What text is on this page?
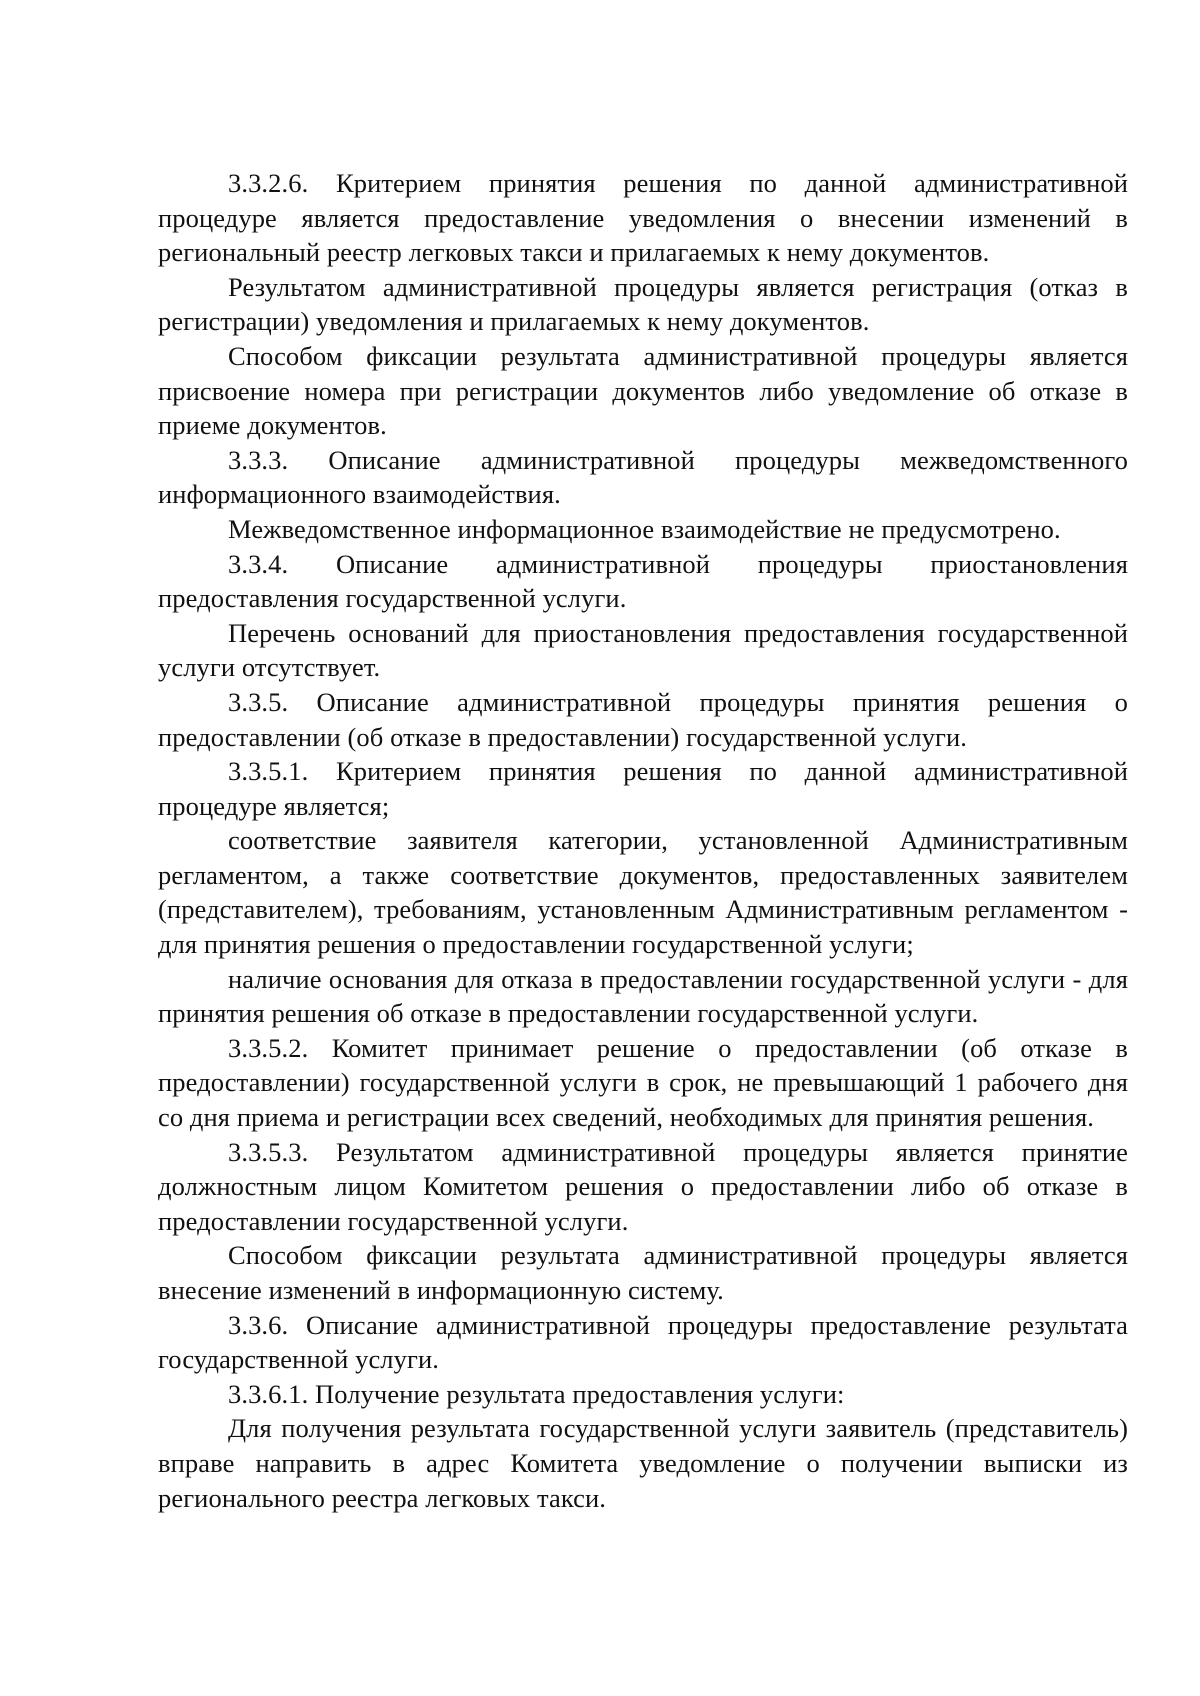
3.3.2.6. Критерием принятия решения по данной административной процедуре является предоставление уведомления о внесении изменений в региональный реестр легковых такси и прилагаемых к нему документов.

Результатом административной процедуры является регистрация (отказ в регистрации) уведомления и прилагаемых к нему документов.

Способом фиксации результата административной процедуры является присвоение номера при регистрации документов либо уведомление об отказе в приеме документов.

3.3.3. Описание административной процедуры межведомственного информационного взаимодействия.

Межведомственное информационное взаимодействие не предусмотрено.

3.3.4. Описание административной процедуры приостановления предоставления государственной услуги.

Перечень оснований для приостановления предоставления государственной услуги отсутствует.

3.3.5. Описание административной процедуры принятия решения о предоставлении (об отказе в предоставлении) государственной услуги.

3.3.5.1. Критерием принятия решения по данной административной процедуре является;

соответствие заявителя категории, установленной Административным регламентом, а также соответствие документов, предоставленных заявителем (представителем), требованиям, установленным Административным регламентом - для принятия решения о предоставлении государственной услуги;

наличие основания для отказа в предоставлении государственной услуги - для принятия решения об отказе в предоставлении государственной услуги.

3.3.5.2. Комитет принимает решение о предоставлении (об отказе в предоставлении) государственной услуги в срок, не превышающий 1 рабочего дня со дня приема и регистрации всех сведений, необходимых для принятия решения.

3.3.5.3. Результатом административной процедуры является принятие должностным лицом Комитетом решения о предоставлении либо об отказе в предоставлении государственной услуги.

Способом фиксации результата административной процедуры является внесение изменений в информационную систему.

3.3.6. Описание административной процедуры предоставление результата государственной услуги.

3.3.6.1. Получение результата предоставления услуги:

Для получения результата государственной услуги заявитель (представитель) вправе направить в адрес Комитета уведомление о получении выписки из регионального реестра легковых такси.
